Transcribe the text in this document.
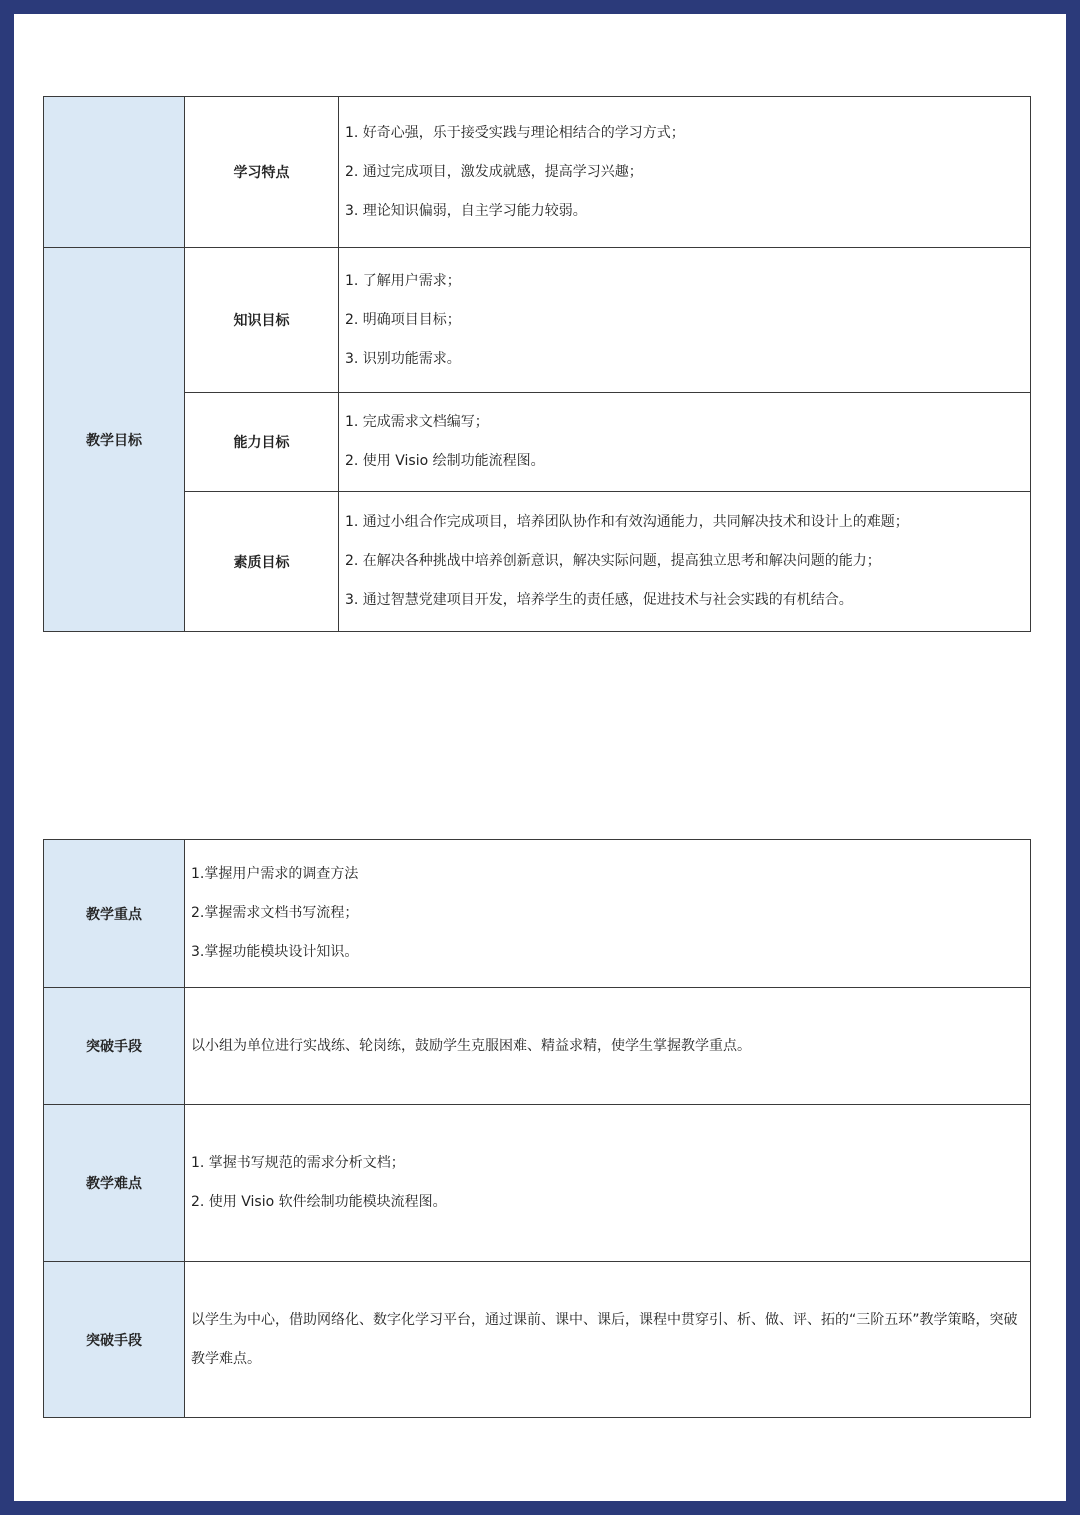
	学习特点	1. 好奇心强，乐于接受实践与理论相结合的学习方式；
2. 通过完成项目，激发成就感，提高学习兴趣；
3. 理论知识偏弱，自主学习能力较弱。

教学目标	知识目标	1. 了解用户需求；
2. 明确项目目标；
3. 识别功能需求。

	能力目标	1. 完成需求文档编写；
2. 使用 Visio 绘制功能流程图。

	素质目标	1. 通过小组合作完成项目，培养团队协作和有效沟通能力，共同解决技术和设计上的难题；
2. 在解决各种挑战中培养创新意识，解决实际问题，提高独立思考和解决问题的能力；
3. 通过智慧党建项目开发，培养学生的责任感，促进技术与社会实践的有机结合。
教学重点	1.掌握用户需求的调查方法
2.掌握需求文档书写流程；
3.掌握功能模块设计知识。

突破手段	以小组为单位进行实战练、轮岗练，鼓励学生克服困难、精益求精，使学生掌握教学重点。

教学难点	1. 掌握书写规范的需求分析文档；
2. 使用 Visio 软件绘制功能模块流程图。

突破手段	以学生为中心，借助网络化、数字化学习平台，通过课前、课中、课后，课程中贯穿引、析、做、评、拓的“三阶五环”教学策略，突破教学难点。
